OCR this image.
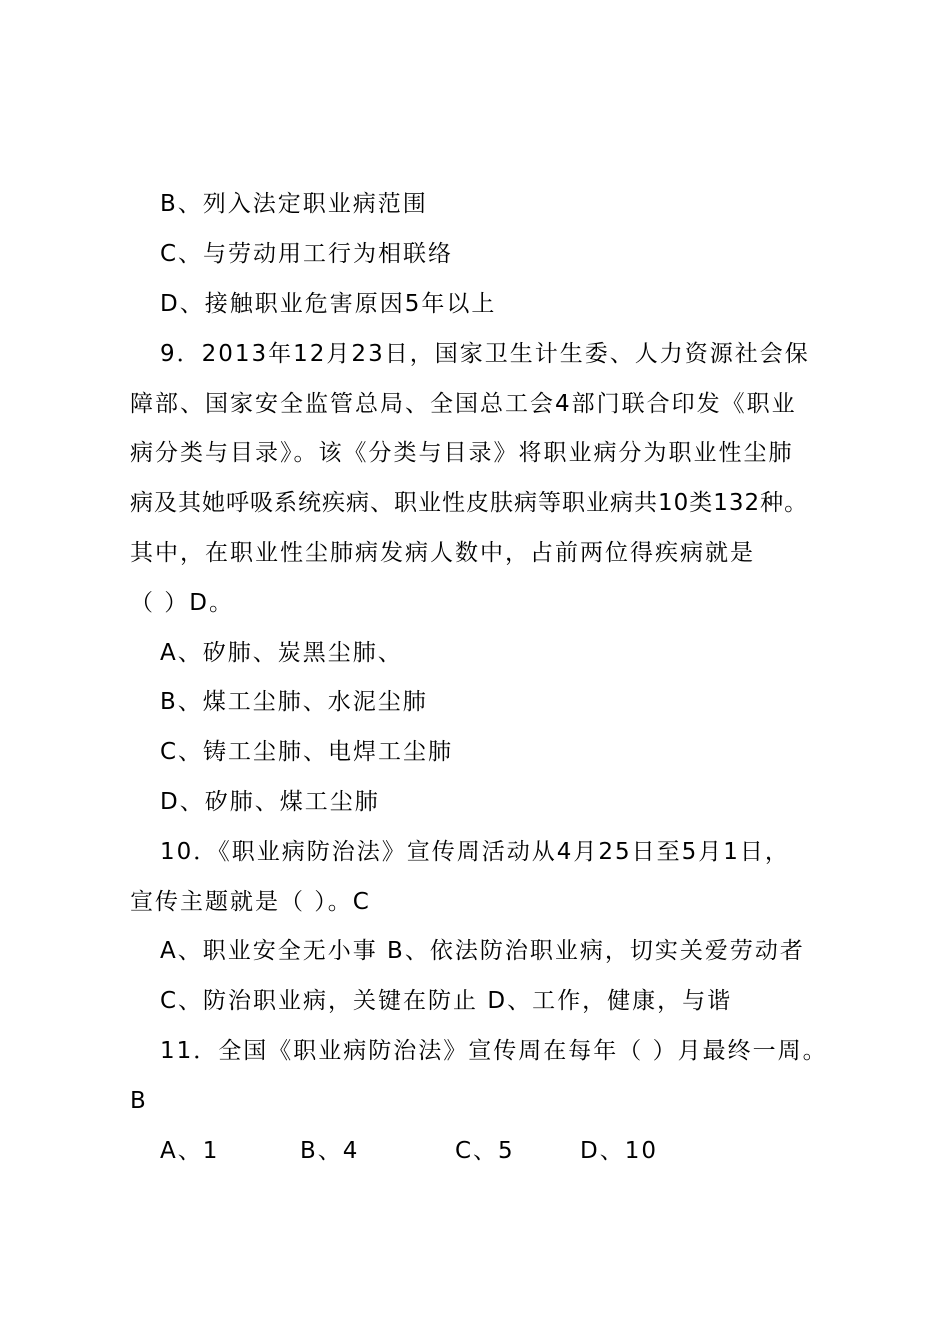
B、列入法定职业病范围
C、与劳动用工行为相联络
D、接触职业危害原因5年以上
9．2013年12月23日，国家卫生计生委、人力资源社会保
障部、国家安全监管总局、全国总工会4部门联合印发《职业
病分类与目录》。该《分类与目录》将职业病分为职业性尘肺
病及其她呼吸系统疾病、职业性皮肤病等职业病共10类132种。
其中，在职业性尘肺病发病人数中，占前两位得疾病就是
（ ）D。
A、矽肺、炭黑尘肺、
B、煤工尘肺、水泥尘肺
C、铸工尘肺、电焊工尘肺
D、矽肺、煤工尘肺
10．《职业病防治法》宣传周活动从4月25日至5月1日，
宣传主题就是（ ）。C
A、职业安全无小事 B、依法防治职业病，切实关爱劳动者
C、防治职业病，关键在防止 D、工作，健康，与谐
11．全国《职业病防治法》宣传周在每年（ ）月最终一周。
B
A、1	B、4	C、5	D、10
